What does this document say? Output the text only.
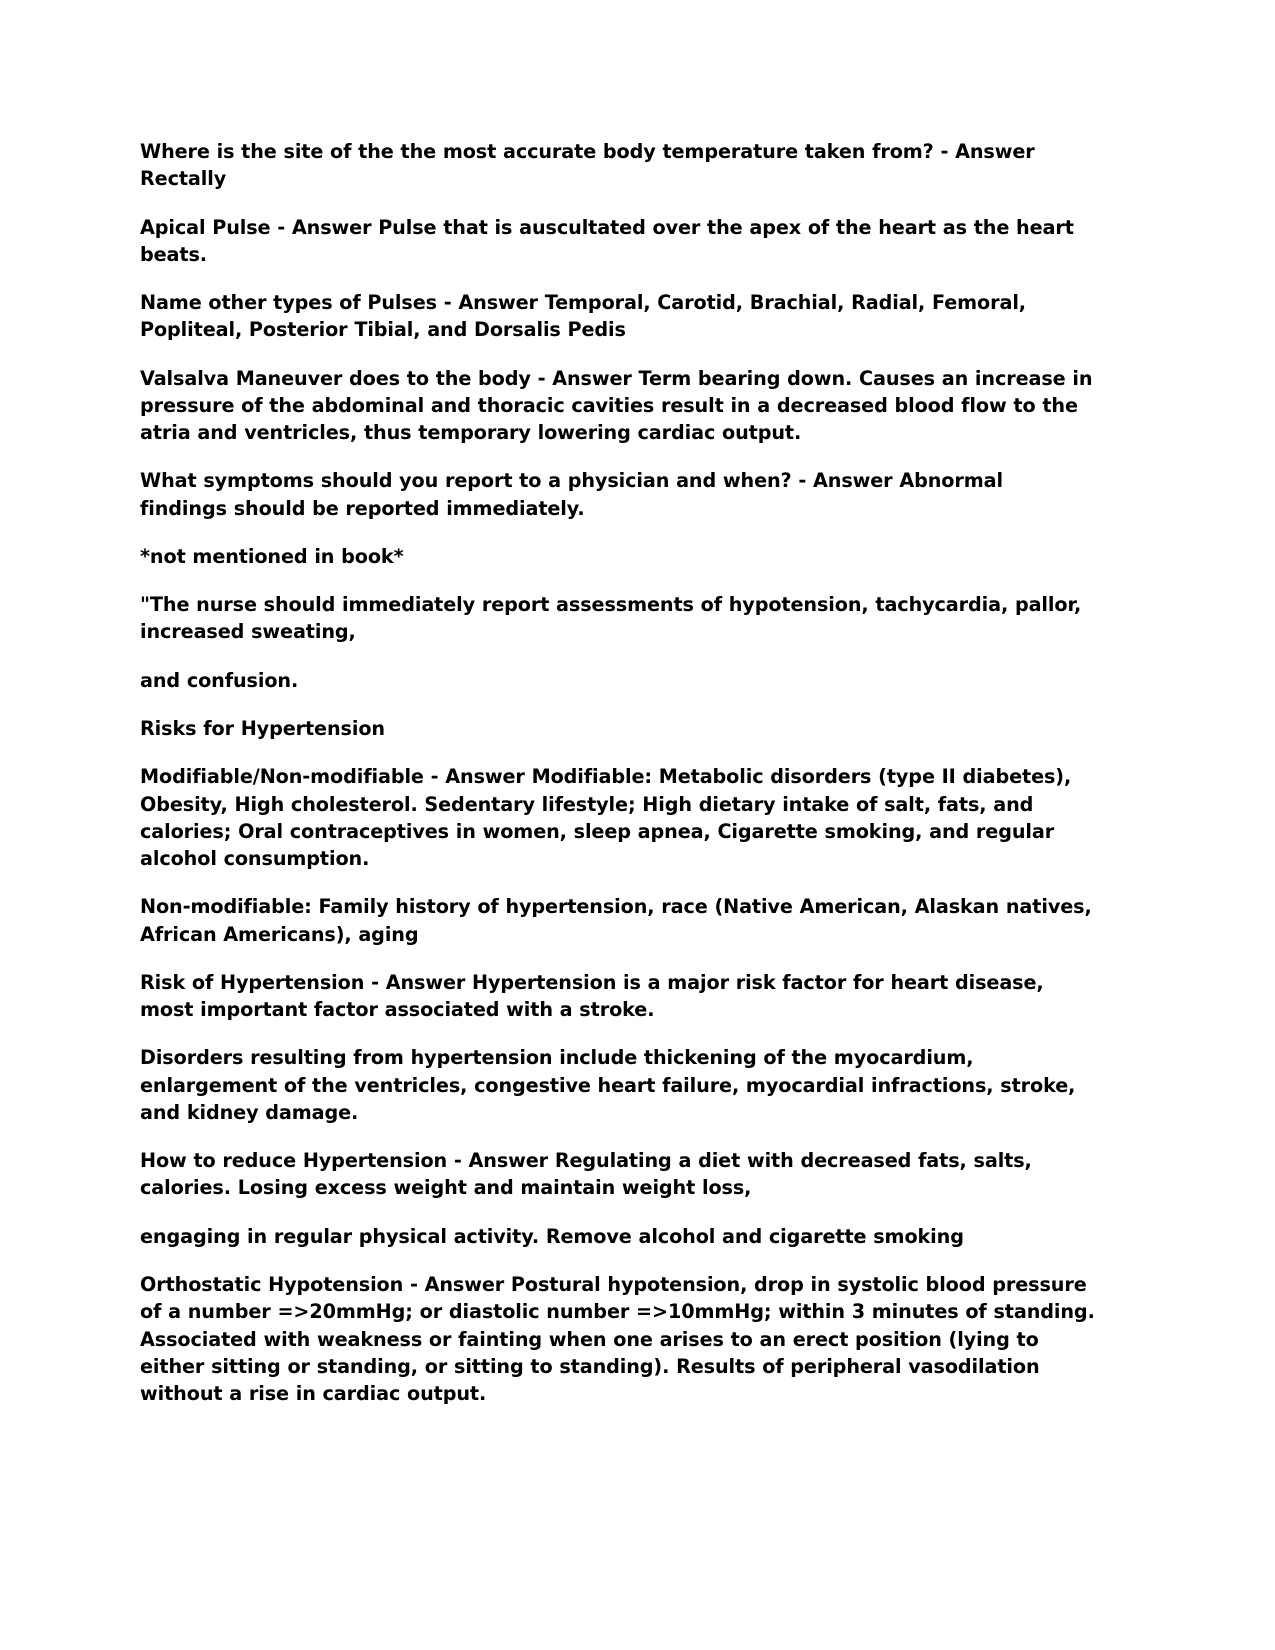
Where is the site of the the most accurate body temperature taken from? - Answer Rectally

Apical Pulse - Answer Pulse that is auscultated over the apex of the heart as the heart beats.

Name other types of Pulses - Answer Temporal, Carotid, Brachial, Radial, Femoral, Popliteal, Posterior Tibial, and Dorsalis Pedis

Valsalva Maneuver does to the body - Answer Term bearing down. Causes an increase in pressure of the abdominal and thoracic cavities result in a decreased blood flow to the atria and ventricles, thus temporary lowering cardiac output.

What symptoms should you report to a physician and when? - Answer Abnormal findings should be reported immediately.

*not mentioned in book*

"The nurse should immediately report assessments of hypotension, tachycardia, pallor, increased sweating,

and confusion.

Risks for Hypertension

Modifiable/Non-modifiable - Answer Modifiable: Metabolic disorders (type II diabetes), Obesity, High cholesterol. Sedentary lifestyle; High dietary intake of salt, fats, and calories; Oral contraceptives in women, sleep apnea, Cigarette smoking, and regular alcohol consumption.

Non-modifiable: Family history of hypertension, race (Native American, Alaskan natives, African Americans), aging

Risk of Hypertension - Answer Hypertension is a major risk factor for heart disease, most important factor associated with a stroke.

Disorders resulting from hypertension include thickening of the myocardium, enlargement of the ventricles, congestive heart failure, myocardial infractions, stroke, and kidney damage.

How to reduce Hypertension - Answer Regulating a diet with decreased fats, salts, calories. Losing excess weight and maintain weight loss,

engaging in regular physical activity. Remove alcohol and cigarette smoking

Orthostatic Hypotension - Answer Postural hypotension, drop in systolic blood pressure of a number =>20mmHg; or diastolic number =>10mmHg; within 3 minutes of standing. Associated with weakness or fainting when one arises to an erect position (lying to either sitting or standing, or sitting to standing). Results of peripheral vasodilation without a rise in cardiac output.
